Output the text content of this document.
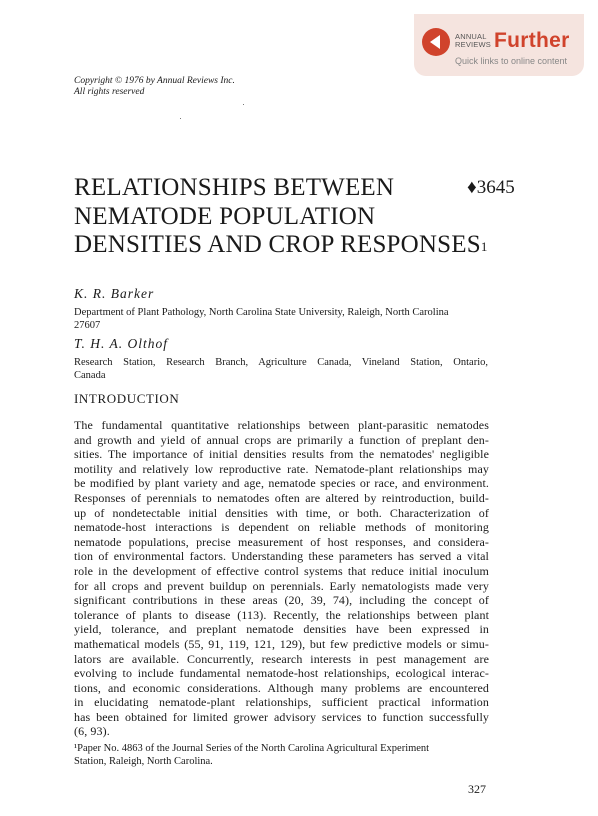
ANNUAL
REVIEWS Further
Quick links to online content
Copyright © 1976 by Annual Reviews Inc.
All rights reserved
RELATIONSHIPS BETWEEN
NEMATODE POPULATION
DENSITIES AND CROP RESPONSES$^1$
♦3645
K. R. Barker
Department of Plant Pathology, North Carolina State University, Raleigh, North Carolina
27607
T. H. A. Olthof
Research Station, Research Branch, Agriculture Canada, Vineland Station, Ontario,
Canada
INTRODUCTION
The fundamental quantitative relationships between plant-parasitic nematodes
and growth and yield of annual crops are primarily a function of preplant den-
sities. The importance of initial densities results from the nematodes' negligible
motility and relatively low reproductive rate. Nematode-plant relationships may
be modified by plant variety and age, nematode species or race, and environment.
Responses of perennials to nematodes often are altered by reintroduction, build-
up of nondetectable initial densities with time, or both. Characterization of
nematode-host interactions is dependent on reliable methods of monitoring
nematode populations, precise measurement of host responses, and considera-
tion of environmental factors. Understanding these parameters has served a vital
role in the development of effective control systems that reduce initial inoculum
for all crops and prevent buildup on perennials. Early nematologists made very
significant contributions in these areas (20, 39, 74), including the concept of
tolerance of plants to disease (113). Recently, the relationships between plant
yield, tolerance, and preplant nematode densities have been expressed in
mathematical models (55, 91, 119, 121, 129), but few predictive models or simu-
lators are available. Concurrently, research interests in pest management are
evolving to include fundamental nematode-host relationships, ecological interac-
tions, and economic considerations. Although many problems are encountered
in elucidating nematode-plant relationships, sufficient practical information
has been obtained for limited grower advisory services to function successfully
(6, 93).
¹Paper No. 4863 of the Journal Series of the North Carolina Agricultural Experiment
Station, Raleigh, North Carolina.
327
